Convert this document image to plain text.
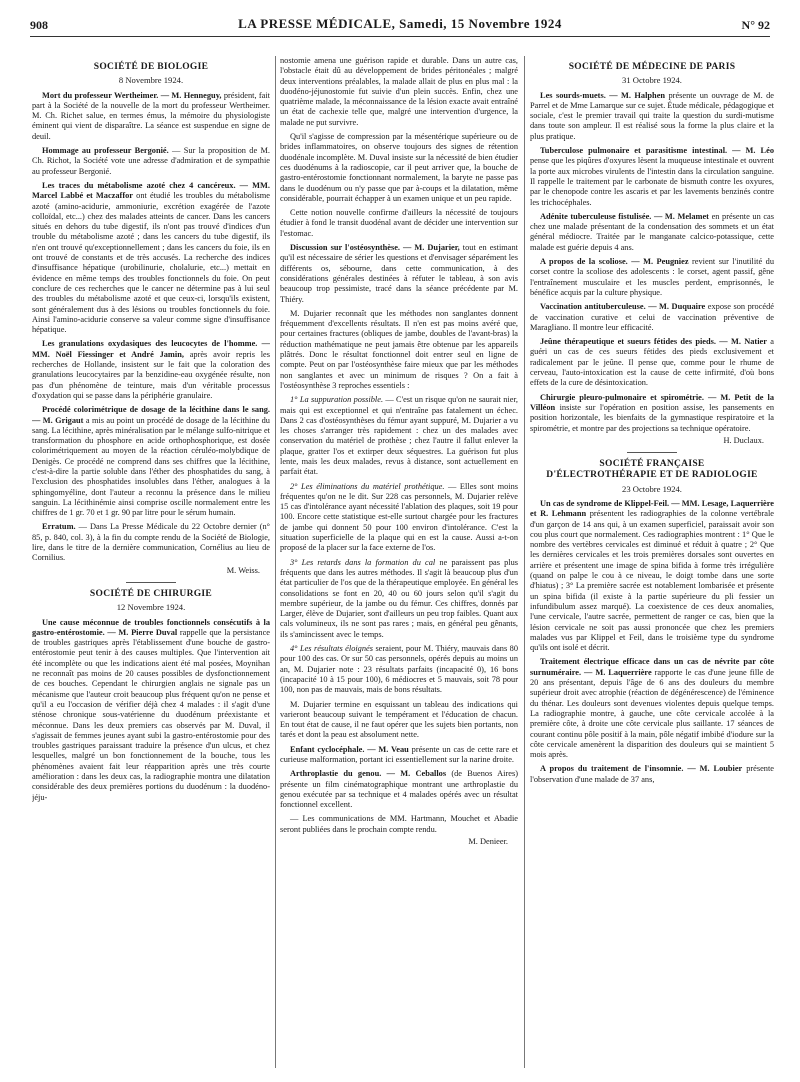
908	LA PRESSE MÉDICALE, Samedi, 15 Novembre 1924	N° 92
SOCIÉTÉ DE BIOLOGIE
8 Novembre 1924.

Mort du professeur Wertheimer. — M. Henneguy, président, fait part à la Société de la nouvelle de la mort du professeur Wertheimer. M. Ch. Richet salue, en termes émus, la mémoire du physiologiste éminent qui vient de disparaître. La séance est suspendue en signe de deuil.

Hommage au professeur Bergonié. — Sur la proposition de M. Ch. Richot, la Société vote une adresse d'admiration et de sympathie au professeur Bergonié.

Les traces du métabolisme azoté chez 4 cancéreux. — MM. Marcel Labbé et Maczaffor ont étudié les troubles du métabolisme azoté (amino-acidurie, ammoniurie, excrétion exagérée de l'azote colloïdal, etc...) chez des malades atteints de cancer. Dans les cancers situés en dehors du tube digestif, ils n'ont pas trouvé d'indices d'un trouble du métabolisme azoté ; dans les cancers du tube digestif, ils n'en ont trouvé qu'exceptionnellement ; dans les cancers du foie, ils en ont trouvé de constants et de très accusés. La recherche des indices d'insuffisance hépatique (urobilinurie, cholalurie, etc...) mettait en évidence en même temps des troubles fonctionnels du foie. On peut conclure de ces recherches que le cancer ne détermine pas à lui seul des troubles du métabolisme azoté et que ceux-ci, lorsqu'ils existent, sont généralement dus à des lésions ou troubles fonctionnels du foie. Ainsi l'amino-acidurie conserve sa valeur comme signe d'insuffisance hépatique.

Les granulations oxydasiques des leucocytes de l'homme. — MM. Noël Fiessinger et André Jamin, après avoir repris les recherches de Hollande, insistent sur le fait que la coloration des granulations leucocytaires par la benzidine-eau oxygénée résulte, non pas d'un phénomène de teinture, mais d'un véritable processus d'oxydation qui se passe dans la périphérie granulaire.

Procédé colorimétrique de dosage de la lécithine dans le sang. — M. Grigaut a mis au point un procédé de dosage de la lécithine du sang. La lécithine, après minéralisation par le mélange sulfo-nitrique et transformation du phosphore en acide orthophosphorique, est dosée colorimétriquement au moyen de la réaction céruléo-molybdique de Denigès. Ce procédé ne comprend dans ses chiffres que la lécithine, c'est-à-dire la partie soluble dans l'éther des phosphatides du sang, à l'exclusion des phosphatides insolubles dans l'éther, analogues à la sphingomyéline, dont l'auteur a reconnu la présence dans le milieu sanguin. La lécithinémie ainsi comprise oscille normalement entre les chiffres de 1 gr. 70 et 1 gr. 90 par litre pour le sérum humain.

Erratum. — Dans La Presse Médicale du 22 Octobre dernier (n° 85, p. 840, col. 3), à la fin du compte rendu de la Société de Biologie, lire, dans le titre de la dernière communication, Cornélius au lieu de Cornilius.

M. Weiss.
SOCIÉTÉ DE CHIRURGIE
12 Novembre 1924.

Une cause méconnue de troubles fonctionnels consécutifs à la gastro-entérostomie. — M. Pierre Duval rappelle que la persistance de troubles gastriques après l'établissement d'une bouche de gastro-entérostomie peut tenir à des causes multiples. Que l'intervention ait été incomplète ou que les indications aient été mal posées, Moynihan ne reconnaît pas moins de 20 causes possibles de dysfonctionnement de ces bouches. Cependant le chirurgien anglais ne signale pas un mécanisme que l'auteur croit beaucoup plus fréquent qu'on ne pense et qu'il a eu l'occasion de vérifier déjà chez 4 malades : il s'agit d'une sténose chronique sous-vatérienne du duodénum préexistante et méconnue. Dans les deux premiers cas observés par M. Duval, il s'agissait de femmes jeunes ayant subi la gastro-entérostomie pour des troubles gastriques paraissant traduire la présence d'un ulcus, et chez lesquelles, malgré un bon fonctionnement de la bouche, tous les phénomènes avaient fait leur réapparition après une très courte amélioration : dans les deux cas, la radiographie montra une dilatation considérable des deux premières portions du duodénum : la duodéno-jéju-

nostomie amena une guérison rapide et durable. Dans un autre cas, l'obstacle était dû au développement de brides péritonéales ; malgré deux interventions préalables, la malade allait de plus en plus mal : la duodéno-jéjunostomie fut suivie d'un plein succès. Enfin, chez une quatrième malade, la méconnaissance de la lésion exacte avait entraîné un état de cachexie telle que, malgré une intervention d'urgence, la malade ne put survivre.

Qu'il s'agisse de compression par la mésentérique supérieure ou de brides inflammatoires, on observe toujours des signes de rétention duodénale incomplète. M. Duval insiste sur la nécessité de bien étudier ces duodénums à la radioscopie, car il peut arriver que, la bouche de gastro-entérostomie fonctionnant normalement, la baryte ne passe pas dans le duodénum ou n'y passe que par à-coups et la dilatation, même considérable, pourrait échapper à un examen unique et un peu rapide.

Cette notion nouvelle confirme d'ailleurs la nécessité de toujours étudier à fond le transit duodénal avant de décider une intervention sur l'estomac.

Discussion sur l'ostéosynthèse. — M. Dujarier, tout en estimant qu'il est nécessaire de sérier les questions et d'envisager séparément les différents os, sébourne, dans cette communication, à des considérations générales destinées à réfuter le tableau, à son avis beaucoup trop pessimiste, tracé dans la séance précédente par M. Thiéry.

M. Dujarier reconnaît que les méthodes non sanglantes donnent fréquemment d'excellents résultats. Il n'en est pas moins avéré que, pour certaines fractures (obliques de jambe, doubles de l'avant-bras) la réduction mathématique ne peut jamais être obtenue par les appareils plâtrés. Donc le résultat fonctionnel doit entrer seul en ligne de compte. Peut on par l'ostéosynthèse faire mieux que par les méthodes non sanglantes et avec un minimum de risques ? On a fait à l'ostéosynthèse 3 reproches essentiels :

1° La suppuration possible. — C'est un risque qu'on ne saurait nier, mais qui est exceptionnel et qui n'entraîne pas fatalement un échec. Dans 2 cas d'ostéosynthèses du fémur ayant suppuré, M. Dujarier a vu les choses s'arranger très rapidement : chez un des malades avec conservation du matériel de prothèse ; chez l'autre il fallut enlever la plaque, gratter l'os et extirper deux séquestres. La guérison fut plus lente, mais les deux malades, revus à distance, sont actuellement en parfait état.

2° Les éliminations du matériel prothétique. — Elles sont moins fréquentes qu'on ne le dit. Sur 228 cas personnels, M. Dujarier relève 15 cas d'intolérance ayant nécessité l'ablation des plaques, soit 19 pour 100. Encore cette statistique est-elle surtout chargée pour les fractures de jambe qui donnent 50 pour 100 environ d'intolérance. C'est la situation superficielle de la plaque qui en est la cause. Aussi a-t-on proposé de la placer sur la face externe de l'os.

3° Les retards dans la formation du cal ne paraissent pas plus fréquents que dans les autres méthodes. Il s'agit là beaucoup plus d'un état particulier de l'os que de la thérapeutique employée. En général les consolidations se font en 20, 40 ou 60 jours selon qu'il s'agit du membre supérieur, de la jambe ou du fémur. Ces chiffres, donnés par Larger, élève de Dujarier, sont d'ailleurs un peu trop faibles. Quant aux cals volumineux, ils ne sont pas rares ; mais, en général peu gênants, ils s'amincissent avec le temps.

4° Les résultats éloignés seraient, pour M. Thiéry, mauvais dans 80 pour 100 des cas. Or sur 50 cas personnels, opérés depuis au moins un an, M. Dujarier note : 23 résultats parfaits (incapacité 0), 16 bons (incapacité 10 à 15 pour 100), 6 médiocres et 5 mauvais, soit 78 pour 100, non pas de mauvais, mais de bons résultats.

M. Dujarier termine en esquissant un tableau des indications qui varieront beaucoup suivant le tempérament et l'éducation de chacun. En tout état de cause, il ne faut opérer que les sujets bien portants, non tarés et dont la peau est absolument nette.

Enfant cyclocéphale. — M. Veau présente un cas de cette rare et curieuse malformation, portant ici essentiellement sur la narine droite.

Arthroplastie du genou. — M. Ceballos (de Buenos Aires) présente un film cinématographique montrant une arthroplastie du genou exécutée par sa technique et 4 malades opérés avec un résultat fonctionnel excellent.

— Les communications de MM. Hartmann, Mouchet et Abadie seront publiées dans le prochain compte rendu.

M. Denieer.
SOCIÉTÉ DE MÉDECINE DE PARIS
31 Octobre 1924.

Les sourds-muets. — M. Halphen présente un ouvrage de M. de Parrel et de Mme Lamarque sur ce sujet. Étude médicale, pédagogique et sociale, c'est le premier travail qui traite la question du surdi-mutisme dans toute son ampleur. Il est réalisé sous la forme la plus claire et la plus pratique.

Tuberculose pulmonaire et parasitisme intestinal. — M. Léo pense que les piqûres d'oxyures lèsent la muqueuse intestinale et ouvrent la porte aux microbes virulents de l'intestin dans la circulation sanguine. Il rappelle le traitement par le carbonate de bismuth contre les oxyures, par le chenopode contre les ascaris et par les lavements benzinés contre les trichocéphales.

Adénite tuberculeuse fistulisée. — M. Melamet en présente un cas chez une malade présentant de la condensation des sommets et un état général médiocre. Traitée par le manganate calcico-potassique, cette malade est guérie depuis 4 ans.

A propos de la scoliose. — M. Peugniez revient sur l'inutilité du corset contre la scoliose des adolescents : le corset, agent passif, gêne l'entraînement musculaire et les muscles perdent, emprisonnés, le bénéfice acquis par la culture physique.

Vaccination antituberculeuse. — M. Duquaire expose son procédé de vaccination curative et celui de vaccination préventive de Maragliano. Il montre leur efficacité.

Jeûne thérapeutique et sueurs fétides des pieds. — M. Natier a guéri un cas de ces sueurs fétides des pieds exclusivement et radicalement par le jeûne. Il pense que, comme pour le rhume de cerveau, l'auto-intoxication est la cause de cette infirmité, d'où bons effets de la cure de désintoxication.

Chirurgie pleuro-pulmonaire et spirométrie. — M. Petit de la Villéon insiste sur l'opération en position assise, les pansements en position horizontale, les bienfaits de la gymnastique respiratoire et la spirométrie, et montre par des projections sa technique opératoire.

H. Duclaux.
SOCIÉTÉ FRANÇAISE
D'ÉLECTROTHÉRAPIE ET DE RADIOLOGIE
23 Octobre 1924.

Un cas de syndrome de Klippel-Feil. — MM. Lesage, Laquerrière et R. Lehmann présentent les radiographies de la colonne vertébrale d'un garçon de 14 ans qui, à un examen superficiel, paraissait avoir son cou plus court que normalement. Ces radiographies montrent : 1° Que le nombre des vertèbres cervicales est diminué et réduit à quatre ; 2° Que les dernières cervicales et les trois premières dorsales sont ouvertes en arrière et présentent une image de spina bifida à forme très irrégulière (quand on palpe le cou à ce niveau, le doigt tombe dans une sorte d'hiatus) ; 3° La première sacrée est notablement lombarisée et présente un spina bifida (il existe à la partie supérieure du pli fessier un infundibulum assez marqué). La coexistence de ces deux anomalies, l'une cervicale, l'autre sacrée, permettent de ranger ce cas, bien que la lésion cervicale ne soit pas aussi prononcée que chez les premiers malades vus par Klippel et Feil, dans le troisième type du syndrome qu'ils ont isolé et décrit.

Traitement électrique efficace dans un cas de névrite par côte surnuméraire. — M. Laquerrière rapporte le cas d'une jeune fille de 20 ans présentant, depuis l'âge de 6 ans des douleurs du membre supérieur droit avec atrophie (réaction de dégénérescence) de l'éminence du thénar. Les douleurs sont devenues violentes depuis quelque temps. La radiographie montre, à gauche, une côte cervicale accolée à la première côte, à droite une côte cervicale plus saillante. 17 séances de courant continu pôle positif à la main, pôle négatif imbibé d'iodure sur la côte cervicale amenèrent la disparition des douleurs qui se maintient 5 mois après.

A propos du traitement de l'insomnie. — M. Loubier présente l'observation d'une malade de 37 ans,
